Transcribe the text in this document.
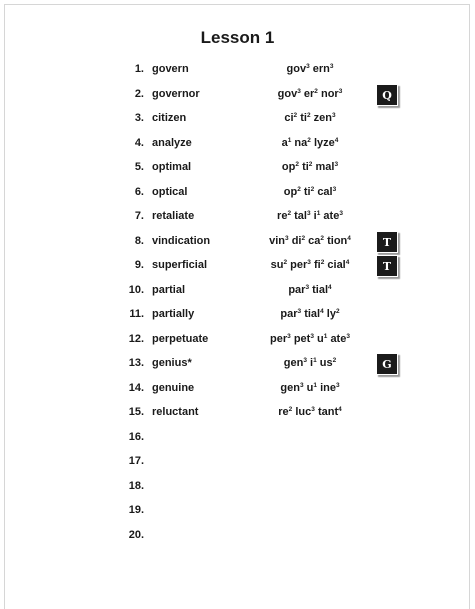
Lesson 1
1. govern	gov$^3$ ern$^3$
2. governor	gov$^3$ $er^2$ nor$^3$	Q
3. citizen	$ci^2$ $ti^2$ zen$^3$
4. analyze	$a^1$ $na^2$ lyze$^4$
5. optimal	$op^2$ $ti^2$ mal$^3$
6. optical	$op^2$ $ti^2$ cal$^3$
7. retaliate	$re^2$ tal$^3$ $i^1$ ate$^3$
8. vindication	vin$^3$ $di^2$ $ca^2$ tion$^4$	T
9. superficial	$su^2$ per$^3$ $fi^2$ cial$^4$	T
10. partial	par$^3$ tial$^4$
11. partially	par$^3$ tial$^4$ $ly^2$
12. perpetuate	per$^3$ pet$^3$ $u^1$ ate$^3$
13. genius*	gen$^3$ $i^1$ $us^2$	G
14. genuine	gen$^3$ $u^1$ ine$^3$
15. reluctant	$re^2$ luc$^3$ tant$^4$
16.
17.
18.
19.
20.
